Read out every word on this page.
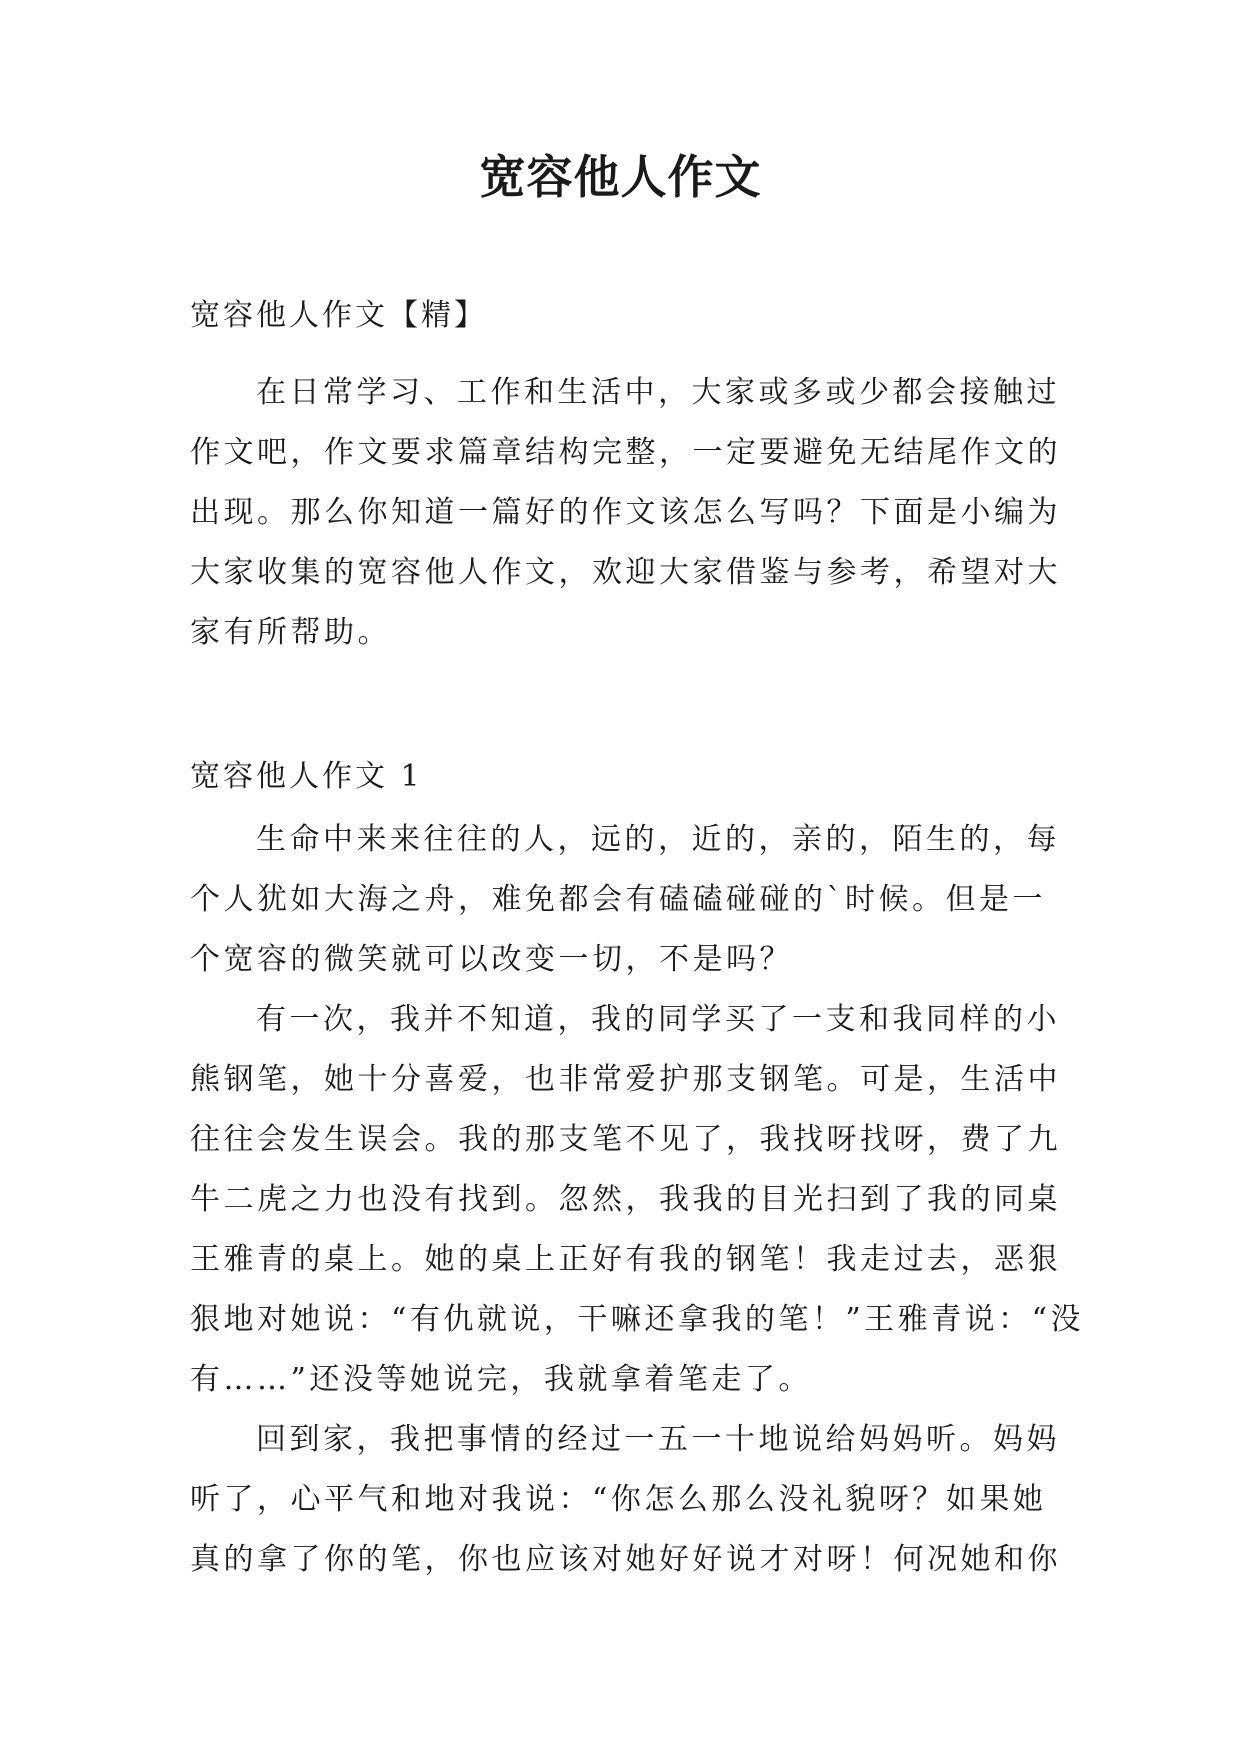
宽容他人作文

宽容他人作文【精】

在日常学习、工作和生活中，大家或多或少都会接触过
作文吧，作文要求篇章结构完整，一定要避免无结尾作文的
出现。那么你知道一篇好的作文该怎么写吗？下面是小编为
大家收集的宽容他人作文，欢迎大家借鉴与参考，希望对大
家有所帮助。

宽容他人作文 1

生命中来来往往的人，远的，近的，亲的，陌生的，每
个人犹如大海之舟，难免都会有磕磕碰碰的`时候。但是一
个宽容的微笑就可以改变一切，不是吗？
有一次，我并不知道，我的同学买了一支和我同样的小
熊钢笔，她十分喜爱，也非常爱护那支钢笔。可是，生活中
往往会发生误会。我的那支笔不见了，我找呀找呀，费了九
牛二虎之力也没有找到。忽然，我我的目光扫到了我的同桌
王雅青的桌上。她的桌上正好有我的钢笔！我走过去，恶狠
狠地对她说：“有仇就说，干嘛还拿我的笔！”王雅青说：“没
有……”还没等她说完，我就拿着笔走了。
回到家，我把事情的经过一五一十地说给妈妈听。妈妈
听了，心平气和地对我说：“你怎么那么没礼貌呀？如果她
真的拿了你的笔，你也应该对她好好说才对呀！何况她和你
